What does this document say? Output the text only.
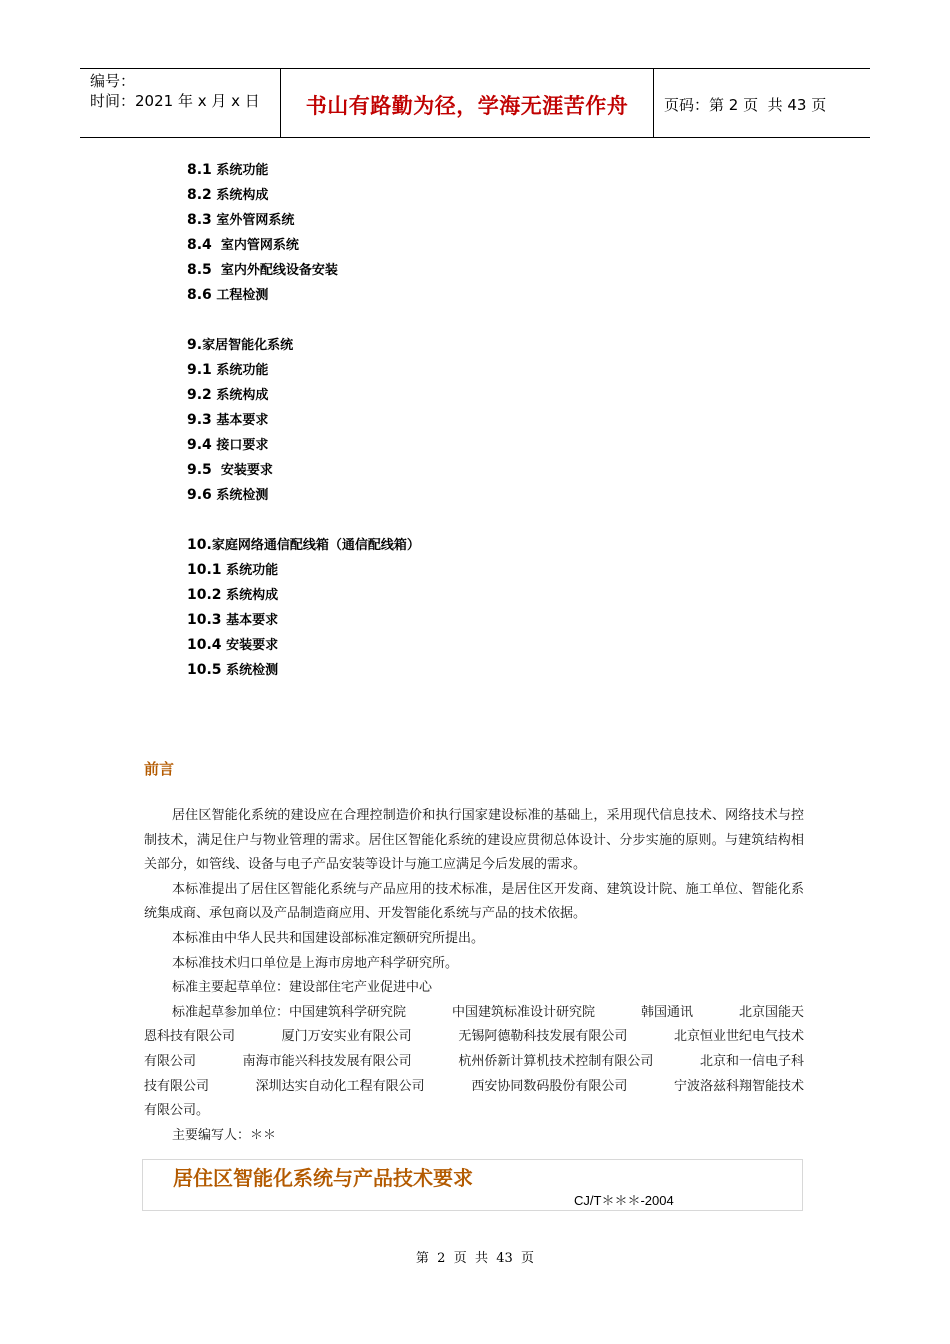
编号：
时间：2021 年 x 月 x 日	书山有路勤为径，学海无涯苦作舟	页码：第 2 页  共 43 页
8.1 系统功能
8.2 系统构成
8.3 室外管网系统
8.4  室内管网系统
8.5  室内外配线设备安装
8.6 工程检测
9.家居智能化系统
9.1 系统功能
9.2 系统构成
9.3 基本要求
9.4 接口要求
9.5  安装要求
9.6 系统检测
10.家庭网络通信配线箱（通信配线箱）
10.1 系统功能
10.2 系统构成
10.3 基本要求
10.4 安装要求
10.5 系统检测
前言

居住区智能化系统的建设应在合理控制造价和执行国家建设标准的基础上，采用现代信息技术、网络技术与控制技术，满足住户与物业管理的需求。居住区智能化系统的建设应贯彻总体设计、分步实施的原则。与建筑结构相关部分，如管线、设备与电子产品安装等设计与施工应满足今后发展的需求。

本标准提出了居住区智能化系统与产品应用的技术标准，是居住区开发商、建筑设计院、施工单位、智能化系统集成商、承包商以及产品制造商应用、开发智能化系统与产品的技术依据。

本标准由中华人民共和国建设部标准定额研究所提出。

本标准技术归口单位是上海市房地产科学研究所。

标准主要起草单位：建设部住宅产业促进中心

标准起草参加单位：中国建筑科学研究院	中国建筑标准设计研究院	韩国通讯	北京国能天
恩科技有限公司	厦门万安实业有限公司	无锡阿德勒科技发展有限公司	北京恒业世纪电气技术
有限公司	南海市能兴科技发展有限公司	杭州侨新计算机技术控制有限公司	北京和一信电子科
技有限公司	深圳达实自动化工程有限公司	西安协同数码股份有限公司	宁波洛兹科翔智能技术
有限公司。

主要编写人：＊＊

居住区智能化系统与产品技术要求
CJ/T＊＊＊-2004
第  2  页  共  43  页
